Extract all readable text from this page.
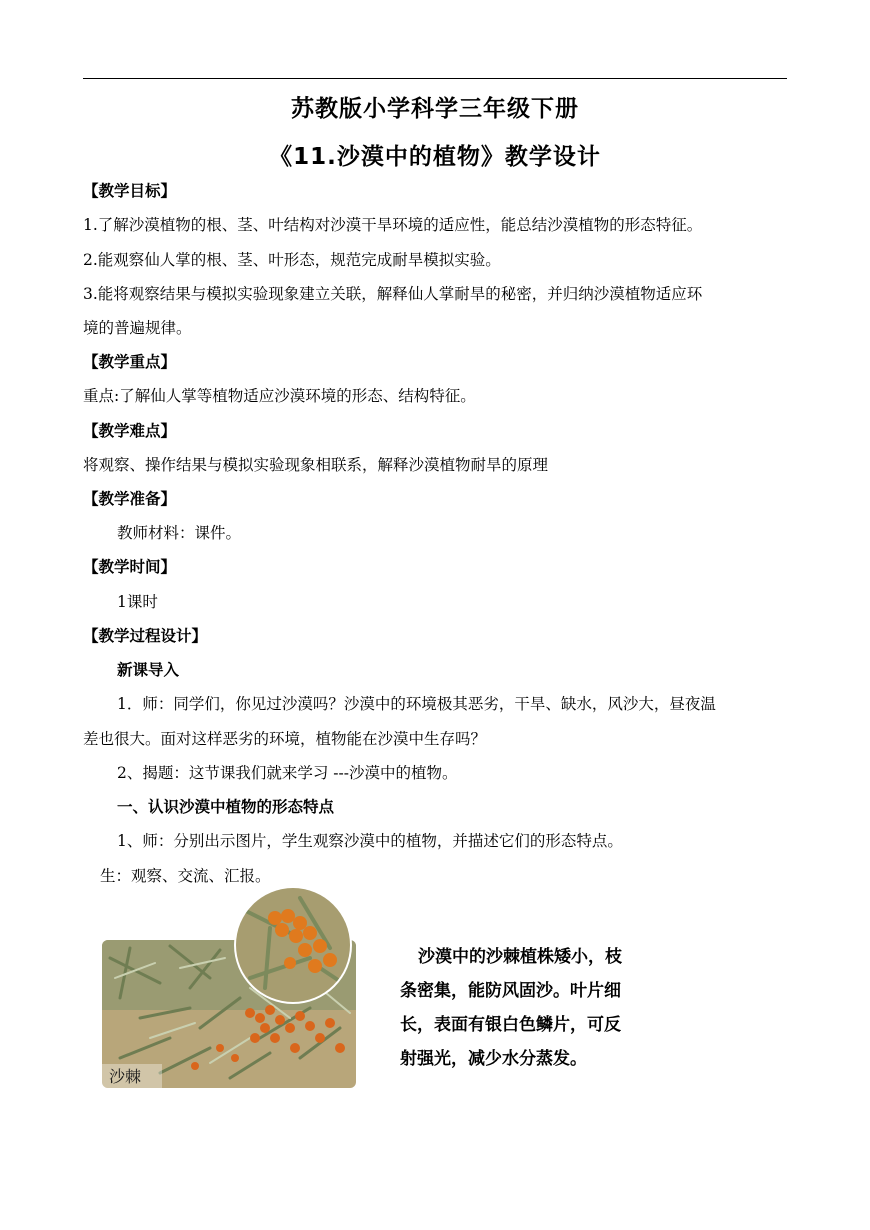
苏教版小学科学三年级下册
《11.沙漠中的植物》教学设计
【教学目标】
1.了解沙漠植物的根、茎、叶结构对沙漠干旱环境的适应性，能总结沙漠植物的形态特征。
2.能观察仙人掌的根、茎、叶形态，规范完成耐旱模拟实验。
3.能将观察结果与模拟实验现象建立关联，解释仙人掌耐旱的秘密，并归纳沙漠植物适应环
境的普遍规律。
【教学重点】
重点:了解仙人掌等植物适应沙漠环境的形态、结构特征。
【教学难点】
将观察、操作结果与模拟实验现象相联系，解释沙漠植物耐旱的原理
【教学准备】
教师材料：课件。
【教学时间】
1课时
【教学过程设计】
新课导入
1．师：同学们，你见过沙漠吗？沙漠中的环境极其恶劣，干旱、缺水，风沙大，昼夜温
差也很大。面对这样恶劣的环境，植物能在沙漠中生存吗？
2、揭题：这节课我们就来学习 ---沙漠中的植物。
一、认识沙漠中植物的形态特点
1、师：分别出示图片，学生观察沙漠中的植物，并描述它们的形态特点。
生：观察、交流、汇报。
沙棘
沙漠中的沙棘植株矮小，枝
条密集，能防风固沙。叶片细
长，表面有银白色鳞片，可反
射强光，减少水分蒸发。
